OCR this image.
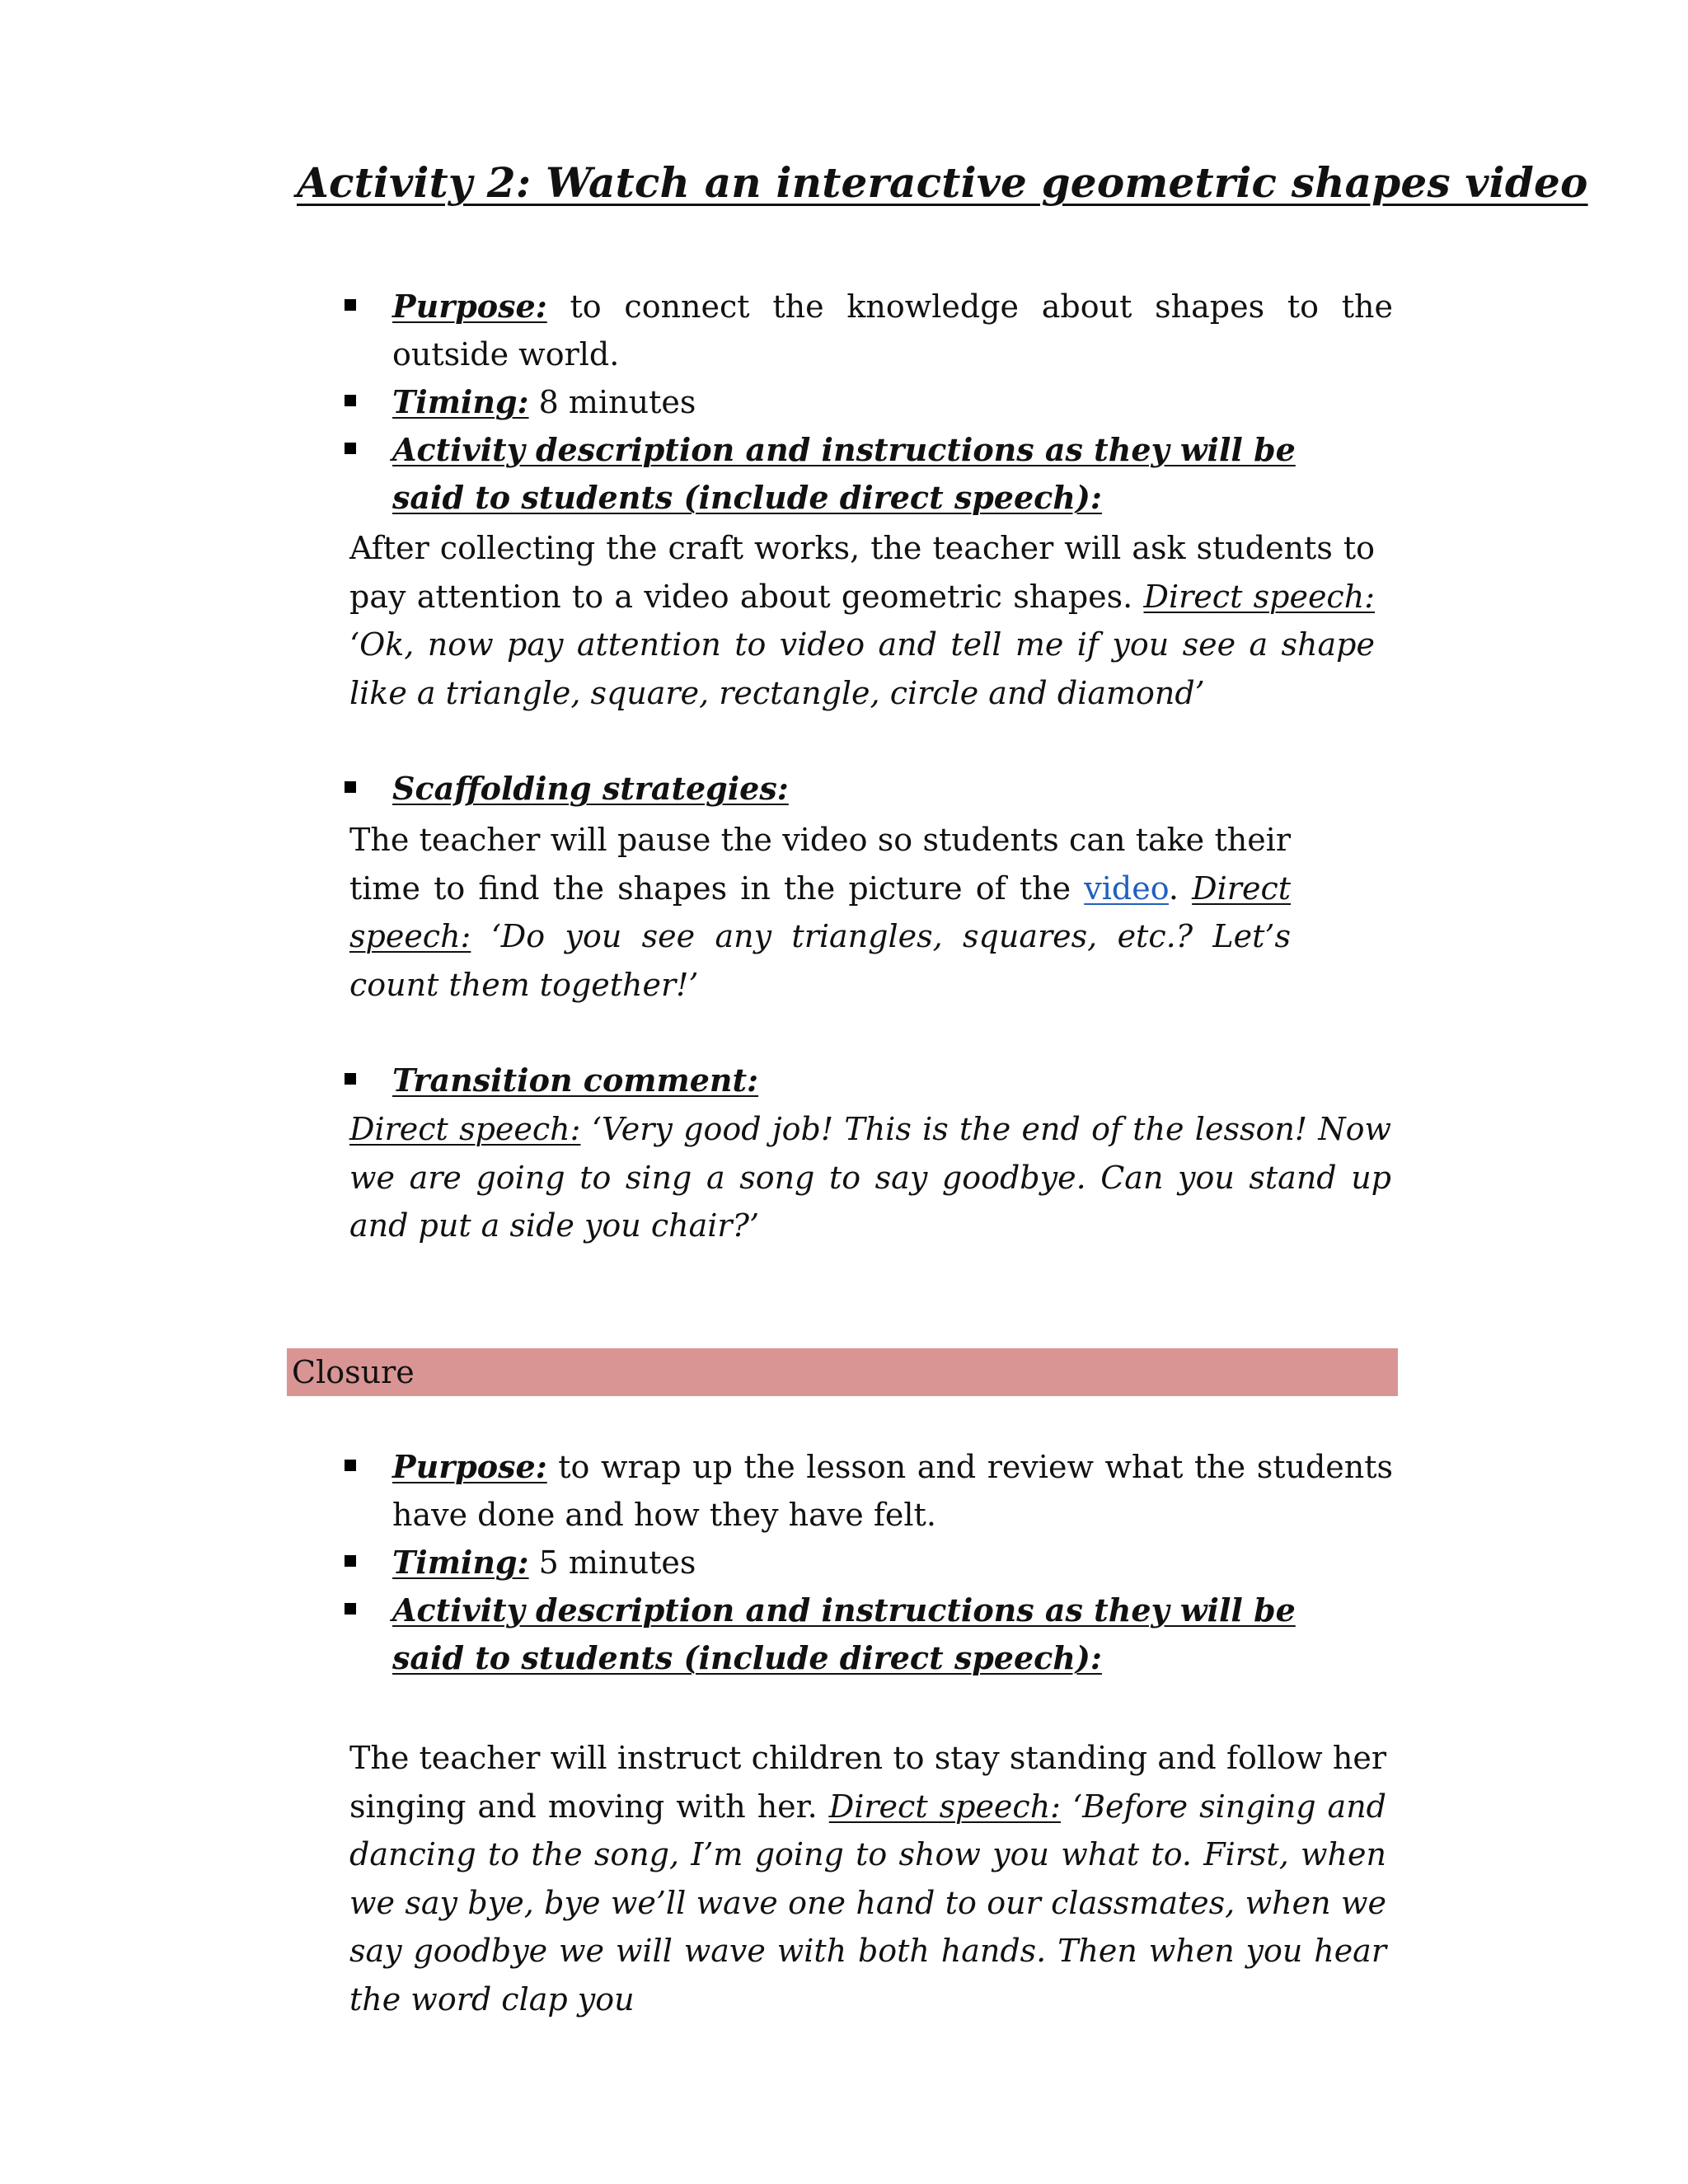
Activity 2: Watch an interactive geometric shapes video
Purpose: to connect the knowledge about shapes to the outside world.
Timing: 8 minutes
Activity description and instructions as they will be said to students (include direct speech):

After collecting the craft works, the teacher will ask students to pay attention to a video about geometric shapes. Direct speech: ‘Ok, now pay attention to video and tell me if you see a shape like a triangle, square, rectangle, circle and diamond’

Scaffolding strategies:

The teacher will pause the video so students can take their time to find the shapes in the picture of the video. Direct speech: ‘Do you see any triangles, squares, etc.? Let’s count them together!’

Transition comment:

Direct speech: ‘Very good job! This is the end of the lesson! Now we are going to sing a song to say goodbye. Can you stand up and put a side you chair?’

Closure
Purpose: to wrap up the lesson and review what the students have done and how they have felt.
Timing: 5 minutes
Activity description and instructions as they will be said to students (include direct speech):

The teacher will instruct children to stay standing and follow her singing and moving with her. Direct speech: ‘Before singing and dancing to the song, I’m going to show you what to. First, when we say bye, bye we’ll wave one hand to our classmates, when we say goodbye we will wave with both hands. Then when you hear the word clap you
